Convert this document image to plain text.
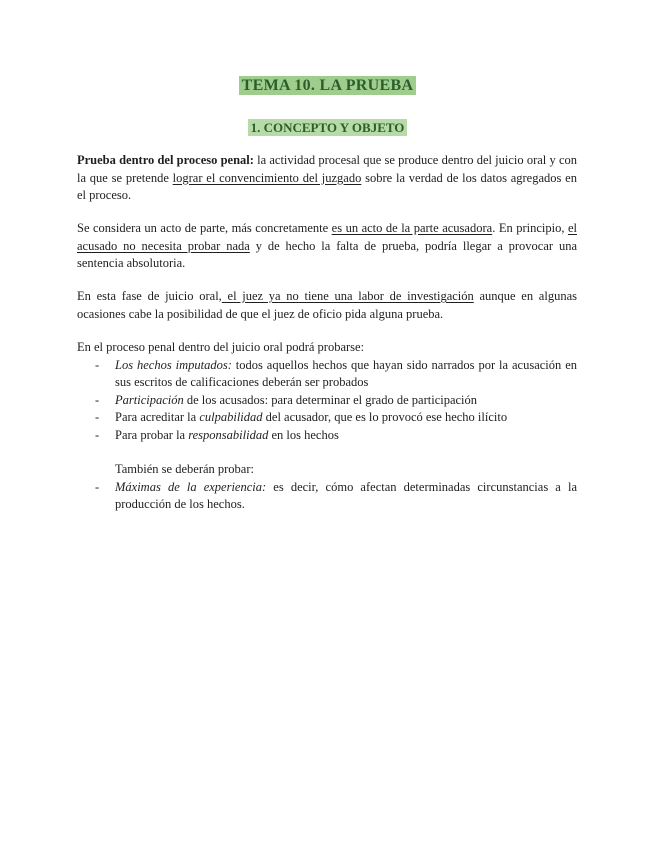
TEMA 10. LA PRUEBA
1. CONCEPTO Y OBJETO
Prueba dentro del proceso penal: la actividad procesal que se produce dentro del juicio oral y con la que se pretende lograr el convencimiento del juzgado sobre la verdad de los datos agregados en el proceso.
Se considera un acto de parte, más concretamente es un acto de la parte acusadora. En principio, el acusado no necesita probar nada y de hecho la falta de prueba, podría llegar a provocar una sentencia absolutoria.
En esta fase de juicio oral, el juez ya no tiene una labor de investigación aunque en algunas ocasiones cabe la posibilidad de que el juez de oficio pida alguna prueba.
En el proceso penal dentro del juicio oral podrá probarse:
- Los hechos imputados: todos aquellos hechos que hayan sido narrados por la acusación en sus escritos de calificaciones deberán ser probados
- Participación de los acusados: para determinar el grado de participación
- Para acreditar la culpabilidad del acusador, que es lo provocó ese hecho ilícito
- Para probar la responsabilidad en los hechos
También se deberán probar:
- Máximas de la experiencia: es decir, cómo afectan determinadas circunstancias a la producción de los hechos.
